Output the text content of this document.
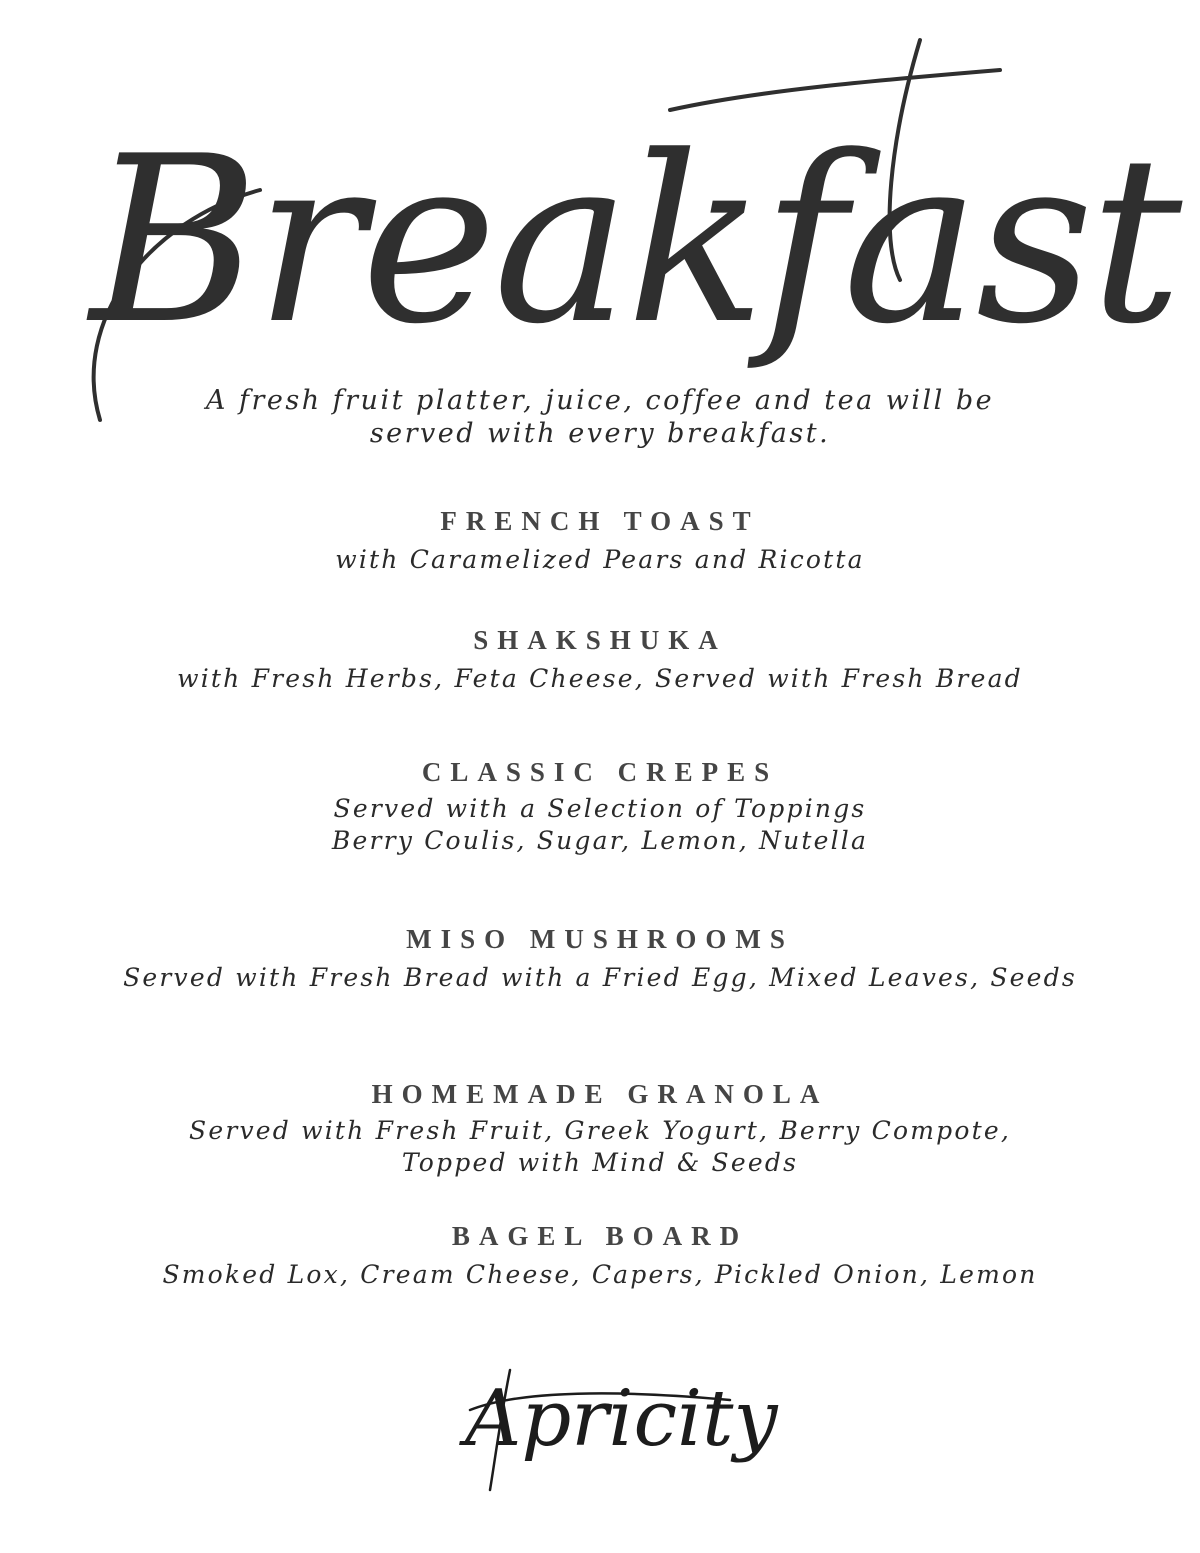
Breakfast
A fresh fruit platter, juice, coffee and tea will be
served with every breakfast.
FRENCH TOAST
with Caramelized Pears and Ricotta
SHAKSHUKA
with Fresh Herbs, Feta Cheese, Served with Fresh Bread
CLASSIC CREPES
Served with a Selection of Toppings
Berry Coulis, Sugar, Lemon, Nutella
MISO MUSHROOMS
Served with Fresh Bread with a Fried Egg, Mixed Leaves, Seeds
HOMEMADE GRANOLA
Served with Fresh Fruit, Greek Yogurt, Berry Compote,
Topped with Mind & Seeds
BAGEL BOARD
Smoked Lox, Cream Cheese, Capers, Pickled Onion, Lemon
Apricity
